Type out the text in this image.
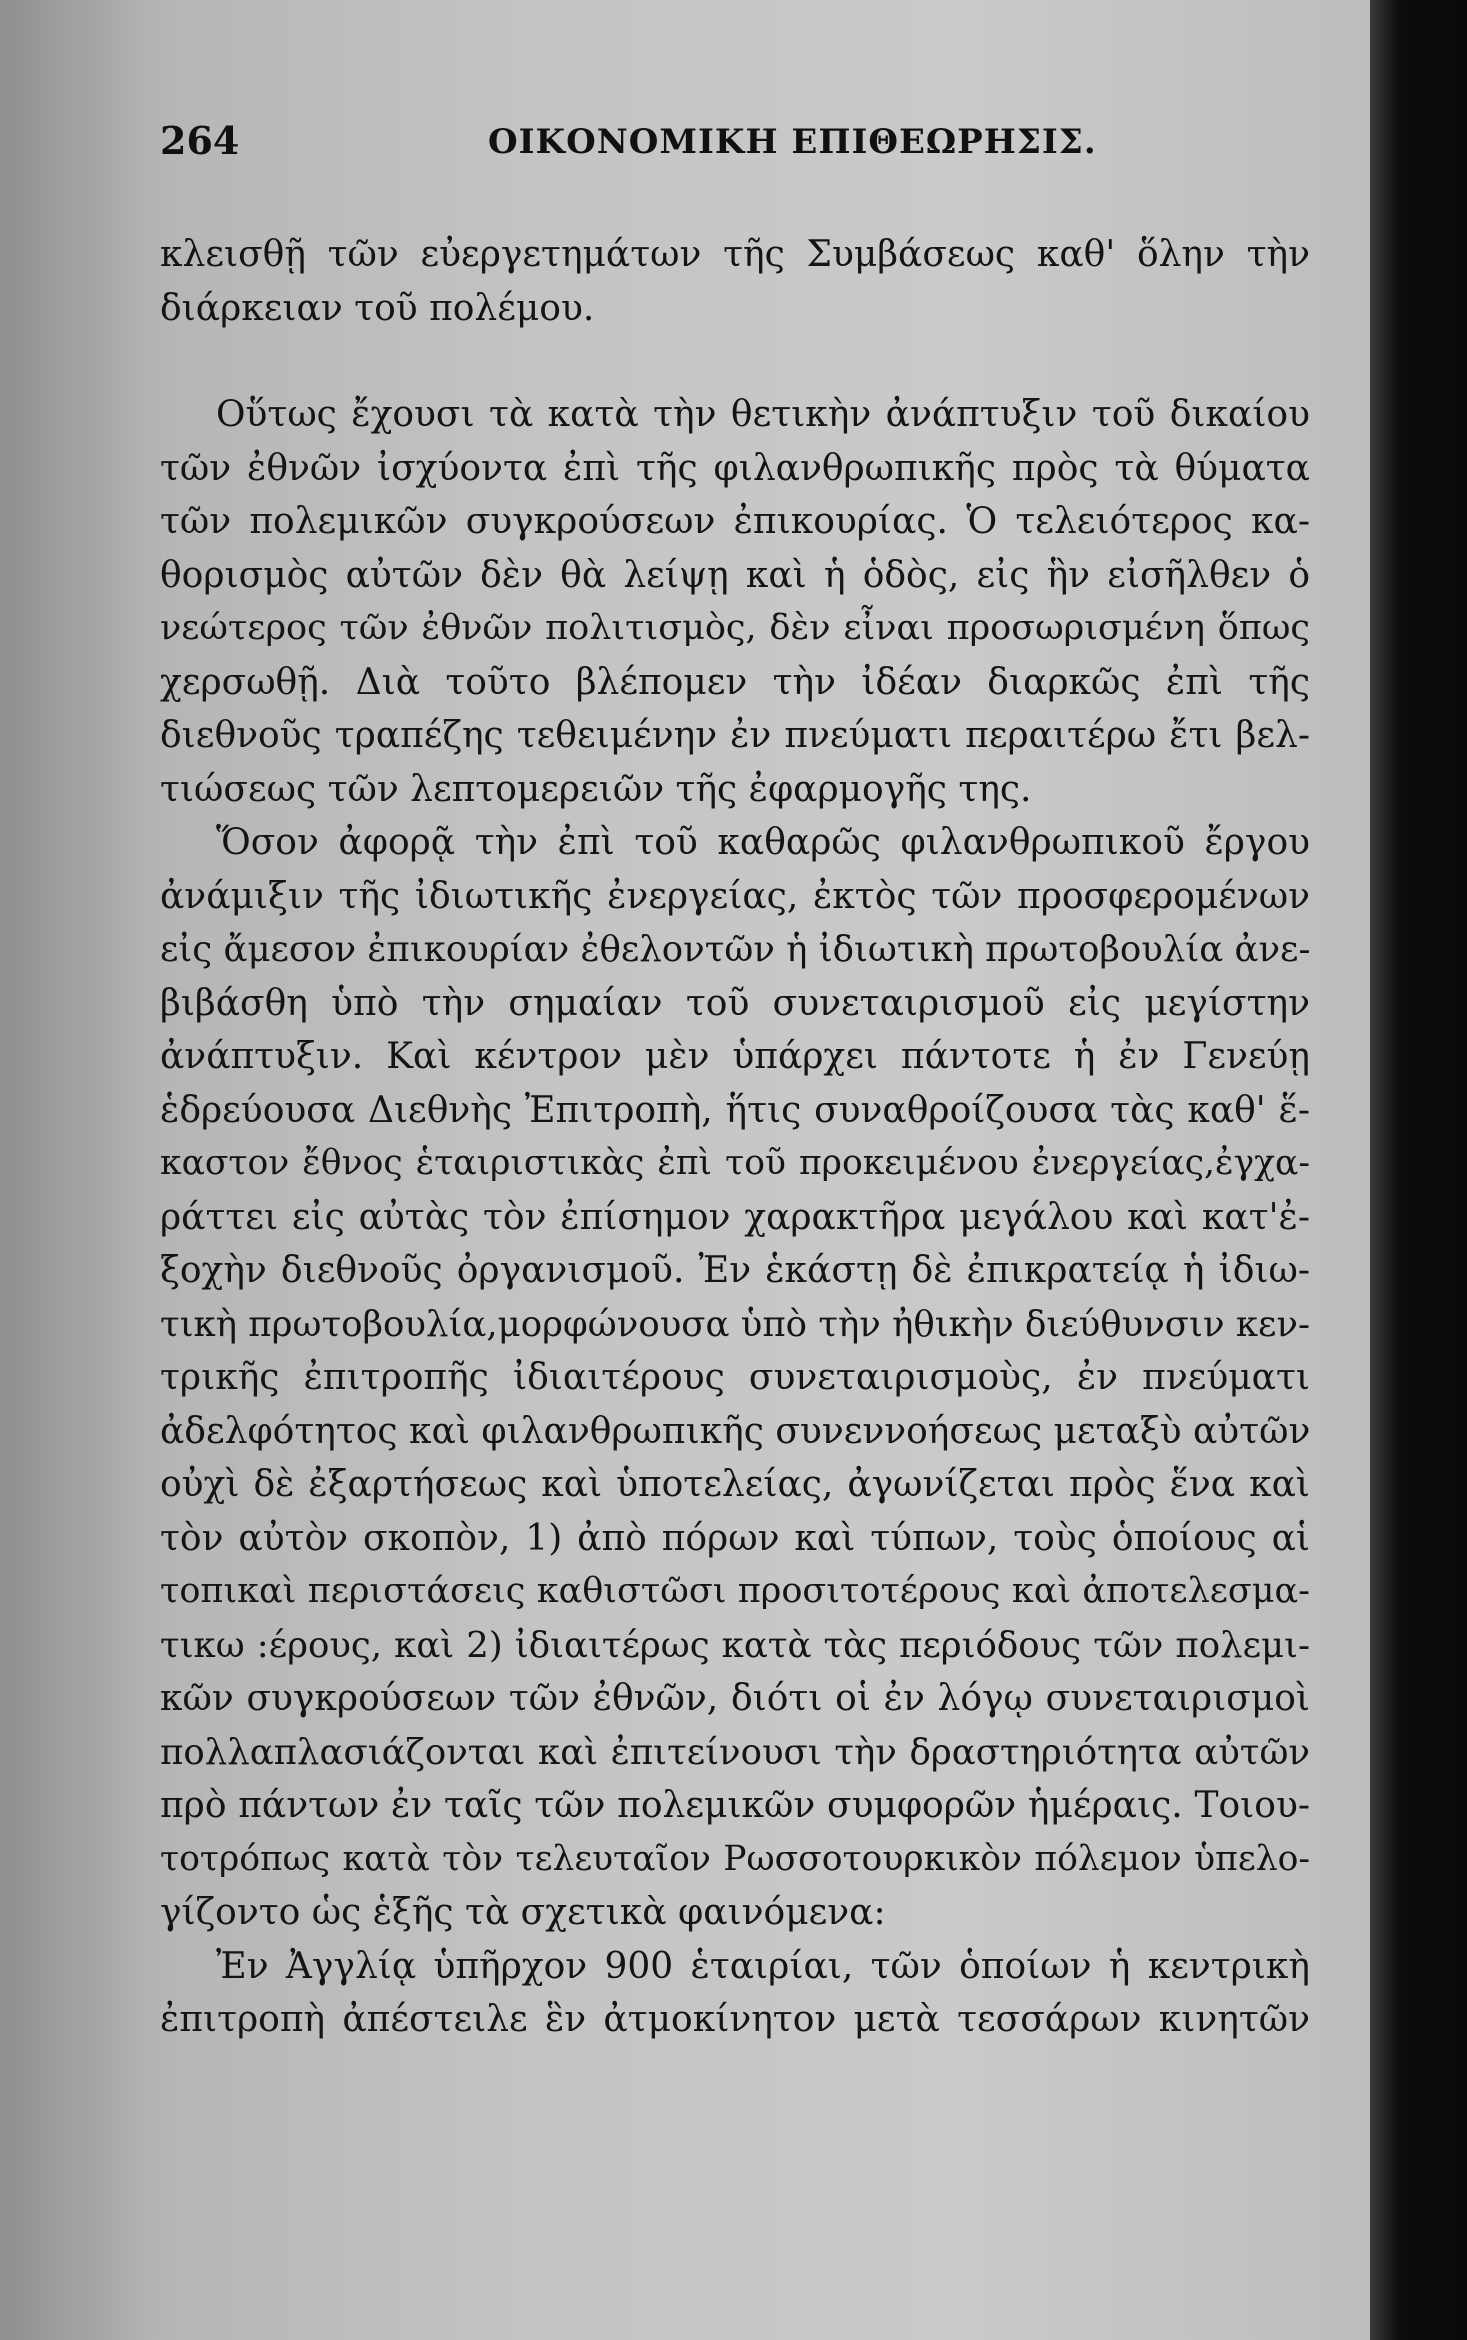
264	ΟΙΚΟΝΟΜΙΚΗ ΕΠΙΘΕΩΡΗΣΙΣ.
κλεισθῇ τῶν εὐεργετημάτων τῆς Συμβάσεως καθ' ὅλην τὴν
διάρκειαν τοῦ πολέμου.
Οὕτως ἔχουσι τὰ κατὰ τὴν θετικὴν ἀνάπτυξιν τοῦ δικαίου
τῶν ἐθνῶν ἰσχύοντα ἐπὶ τῆς φιλανθρωπικῆς πρὸς τὰ θύματα
τῶν πολεμικῶν συγκρούσεων ἐπικουρίας. Ὁ τελειότερος κα-
θορισμὸς αὐτῶν δὲν θὰ λείψῃ καὶ ἡ ὁδὸς, εἰς ἣν εἰσῆλθεν ὁ
νεώτερος τῶν ἐθνῶν πολιτισμὸς, δὲν εἶναι προσωρισμένη ὅπως
χερσωθῇ. Διὰ τοῦτο βλέπομεν τὴν ἰδέαν διαρκῶς ἐπὶ τῆς
διεθνοῦς τραπέζης τεθειμένην ἐν πνεύματι περαιτέρω ἔτι βελ-
τιώσεως τῶν λεπτομερειῶν τῆς ἐφαρμογῆς της.
Ὅσον ἀφορᾷ τὴν ἐπὶ τοῦ καθαρῶς φιλανθρωπικοῦ ἔργου
ἀνάμιξιν τῆς ἰδιωτικῆς ἐνεργείας, ἐκτὸς τῶν προσφερομένων
εἰς ἄμεσον ἐπικουρίαν ἐθελοντῶν ἡ ἰδιωτικὴ πρωτοβουλία ἀνε-
βιβάσθη ὑπὸ τὴν σημαίαν τοῦ συνεταιρισμοῦ εἰς μεγίστην
ἀνάπτυξιν. Καὶ κέντρον μὲν ὑπάρχει πάντοτε ἡ ἐν Γενεύῃ
ἑδρεύουσα Διεθνὴς Ἐπιτροπὴ, ἥτις συναθροίζουσα τὰς καθ' ἕ-
καστον ἔθνος ἑταιριστικὰς ἐπὶ τοῦ προκειμένου ἐνεργείας,ἐγχα-
ράττει εἰς αὐτὰς τὸν ἐπίσημον χαρακτῆρα μεγάλου καὶ κατ'ἐ-
ξοχὴν διεθνοῦς ὀργανισμοῦ. Ἐν ἑκάστῃ δὲ ἐπικρατείᾳ ἡ ἰδιω-
τικὴ πρωτοβουλία,μορφώνουσα ὑπὸ τὴν ἠθικὴν διεύθυνσιν κεν-
τρικῆς ἐπιτροπῆς ἰδιαιτέρους συνεταιρισμοὺς, ἐν πνεύματι
ἀδελφότητος καὶ φιλανθρωπικῆς συνεννοήσεως μεταξὺ αὐτῶν
οὐχὶ δὲ ἐξαρτήσεως καὶ ὑποτελείας, ἀγωνίζεται πρὸς ἕνα καὶ
τὸν αὐτὸν σκοπὸν, 1) ἀπὸ πόρων καὶ τύπων, τοὺς ὁποίους αἱ
τοπικαὶ περιστάσεις καθιστῶσι προσιτοτέρους καὶ ἀποτελεσμα-
τικω :έρους, καὶ 2) ἰδιαιτέρως κατὰ τὰς περιόδους τῶν πολεμι-
κῶν συγκρούσεων τῶν ἐθνῶν, διότι οἱ ἐν λόγῳ συνεταιρισμοὶ
πολλαπλασιάζονται καὶ ἐπιτείνουσι τὴν δραστηριότητα αὐτῶν
πρὸ πάντων ἐν ταῖς τῶν πολεμικῶν συμφορῶν ἡμέραις. Τοιου-
τοτρόπως κατὰ τὸν τελευταῖον Ρωσσοτουρκικὸν πόλεμον ὑπελο-
γίζοντο ὡς ἑξῆς τὰ σχετικὰ φαινόμενα:
Ἐν Ἀγγλίᾳ ὑπῆρχον 900 ἑταιρίαι, τῶν ὁποίων ἡ κεντρικὴ
ἐπιτροπὴ ἀπέστειλε ἓν ἀτμοκίνητον μετὰ τεσσάρων κινητῶν
